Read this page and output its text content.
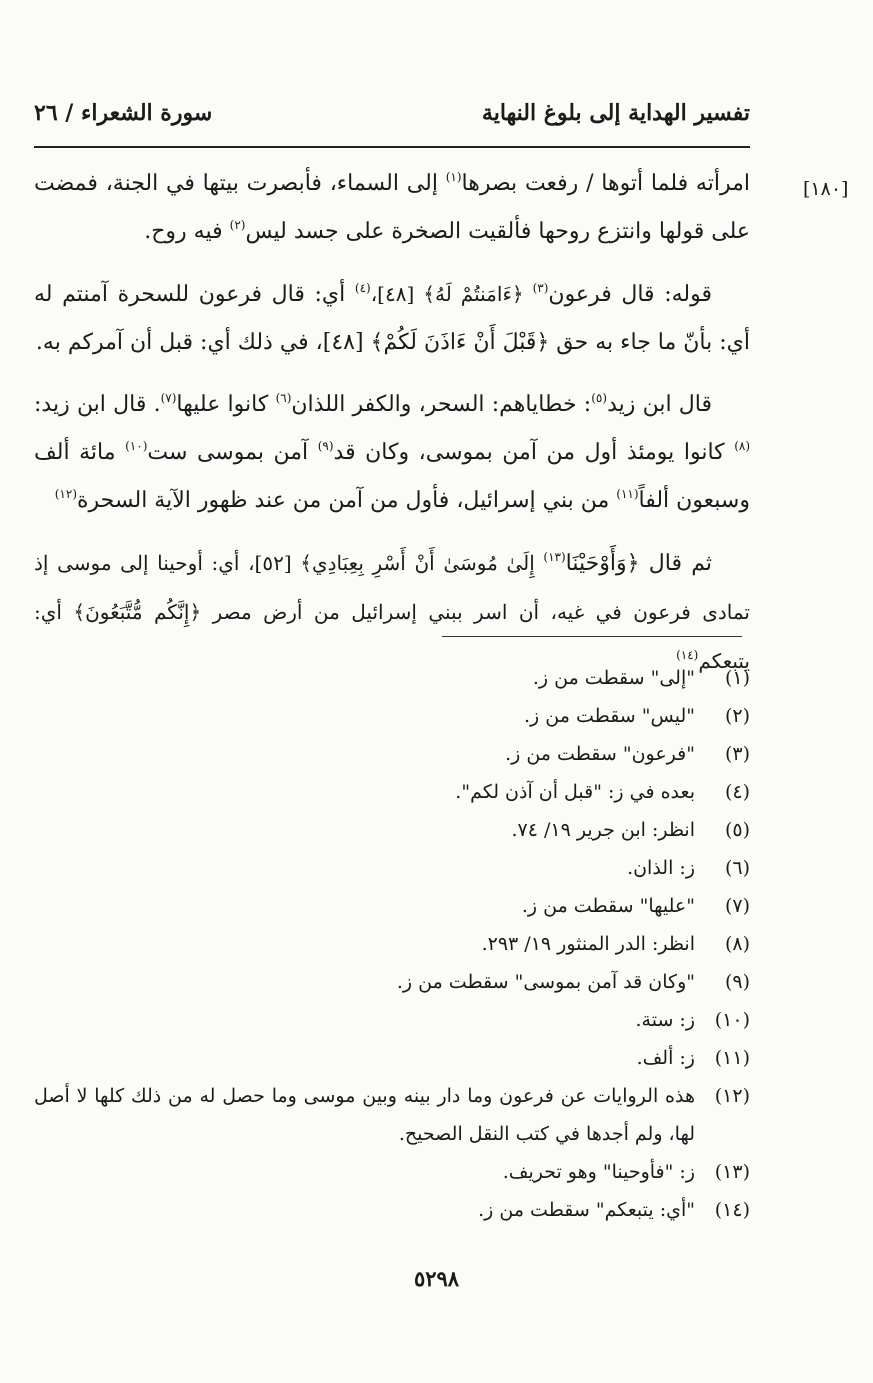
تفسير الهداية إلى بلوغ النهاية
سورة الشعراء / ٢٦
[١٨٠]

امرأته فلما أتوها / رفعت بصرها$^{(١)}$ إلى السماء، فأبصرت بيتها في الجنة، فمضت على قولها وانتزع روحها فألقيت الصخرة على جسد ليس$^{(٢)}$ فيه روح.

قوله: قال فرعون$^{(٣)}$ ﴿ءَامَنتُمْ لَهُ﴾ [٤٨]،$^{(٤)}$ أي: قال فرعون للسحرة آمنتم له أي: بأنّ ما جاء به حق ﴿قَبْلَ أَنْ ءَاذَنَ لَكُمْ﴾ [٤٨]، في ذلك أي: قبل أن آمركم به.

قال ابن زيد$^{(٥)}$: خطاياهم: السحر، والكفر اللذان$^{(٦)}$ كانوا عليها$^{(٧)}$. قال ابن زيد:$^{(٨)}$ كانوا يومئذ أول من آمن بموسى، وكان قد$^{(٩)}$ آمن بموسى ست$^{(١٠)}$ مائة ألف وسبعون ألفاً$^{(١١)}$ من بني إسرائيل، فأول من آمن من عند ظهور الآية السحرة$^{(١٢)}$

ثم قال ﴿وَأَوْحَيْنَا$^{(١٣)}$ إِلَىٰ مُوسَىٰ أَنْ أَسْرِ بِعِبَادِي﴾ [٥٢]، أي: أوحينا إلى موسى إذ تمادى فرعون في غيه، أن اسر ببني إسرائيل من أرض مصر ﴿إِنَّكُم مُّتَّبَعُونَ﴾ أي: يتبعكم$^{(١٤)}$

(١)
"إلى" سقطت من ز.
(٢)
"ليس" سقطت من ز.
(٣)
"فرعون" سقطت من ز.
(٤)
بعده في ز: "قبل أن آذن لكم".
(٥)
انظر: ابن جرير ١٩/ ٧٤.
(٦)
ز: الذان.
(٧)
"عليها" سقطت من ز.
(٨)
انظر: الدر المنثور ١٩/ ٢٩٣.
(٩)
"وكان قد آمن بموسى" سقطت من ز.
(١٠)
ز: ستة.
(١١)
ز: ألف.
(١٢)
هذه الروايات عن فرعون وما دار بينه وبين موسى وما حصل له من ذلك كلها لا أصل لها، ولم أجدها في كتب النقل الصحيح.
(١٣)
ز: "فأوحينا" وهو تحريف.
(١٤)
"أي: يتبعكم" سقطت من ز.
٥٢٩٨
